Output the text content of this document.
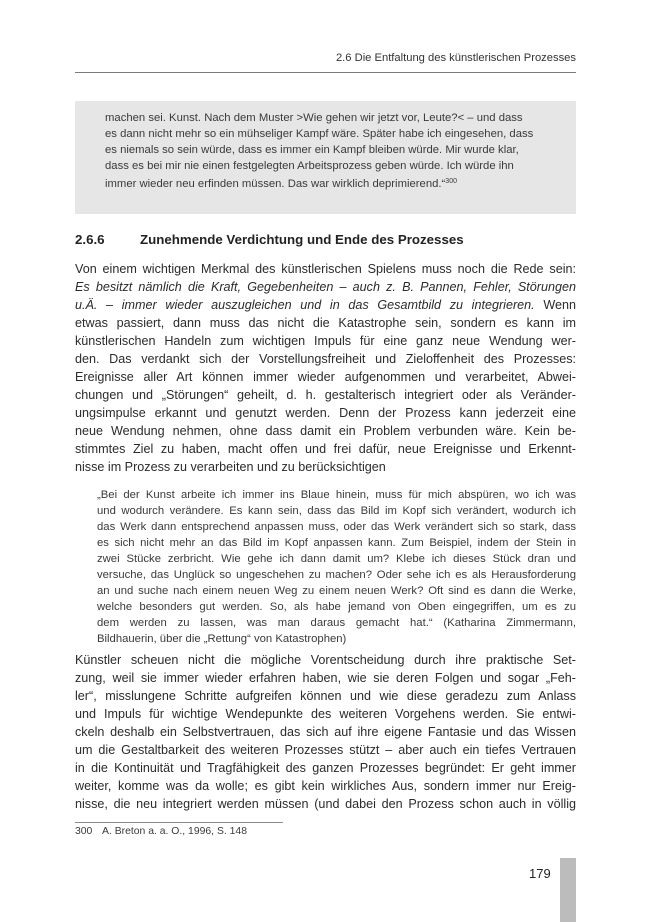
2.6 Die Entfaltung des künstlerischen Prozesses
machen sei. Kunst. Nach dem Muster >Wie gehen wir jetzt vor, Leute?< – und dass
es dann nicht mehr so ein mühseliger Kampf wäre. Später habe ich eingesehen, dass
es niemals so sein würde, dass es immer ein Kampf bleiben würde. Mir wurde klar,
dass es bei mir nie einen festgelegten Arbeitsprozess geben würde. Ich würde ihn
immer wieder neu erfinden müssen. Das war wirklich deprimierend.“$^{300}$
2.6.6	Zunehmende Verdichtung und Ende des Prozesses
Von einem wichtigen Merkmal des künstlerischen Spielens muss noch die Rede sein:
Es besitzt nämlich die Kraft, Gegebenheiten – auch z. B. Pannen, Fehler, Störungen
u.Ä. – immer wieder auszugleichen und in das Gesamtbild zu integrieren. Wenn
etwas passiert, dann muss das nicht die Katastrophe sein, sondern es kann im
künstlerischen Handeln zum wichtigen Impuls für eine ganz neue Wendung wer-
den. Das verdankt sich der Vorstellungsfreiheit und Zieloffenheit des Prozesses:
Ereignisse aller Art können immer wieder aufgenommen und verarbeitet, Abwei-
chungen und „Störungen“ geheilt, d. h. gestalterisch integriert oder als Veränder-
ungsimpulse erkannt und genutzt werden. Denn der Prozess kann jederzeit eine
neue Wendung nehmen, ohne dass damit ein Problem verbunden wäre. Kein be-
stimmtes Ziel zu haben, macht offen und frei dafür, neue Ereignisse und Erkennt-
nisse im Prozess zu verarbeiten und zu berücksichtigen
„Bei der Kunst arbeite ich immer ins Blaue hinein, muss für mich abspüren, wo ich was
und wodurch verändere. Es kann sein, dass das Bild im Kopf sich verändert, wodurch ich
das Werk dann entsprechend anpassen muss, oder das Werk verändert sich so stark, dass
es sich nicht mehr an das Bild im Kopf anpassen kann. Zum Beispiel, indem der Stein in
zwei Stücke zerbricht. Wie gehe ich dann damit um? Klebe ich dieses Stück dran und
versuche, das Unglück so ungeschehen zu machen? Oder sehe ich es als Herausforderung
an und suche nach einem neuen Weg zu einem neuen Werk? Oft sind es dann die Werke,
welche besonders gut werden. So, als habe jemand von Oben eingegriffen, um es zu
dem werden zu lassen, was man daraus gemacht hat.“ (Katharina Zimmermann,
Bildhauerin, über die „Rettung“ von Katastrophen)
Künstler scheuen nicht die mögliche Vorentscheidung durch ihre praktische Set-
zung, weil sie immer wieder erfahren haben, wie sie deren Folgen und sogar „Feh-
ler“, misslungene Schritte aufgreifen können und wie diese geradezu zum Anlass
und Impuls für wichtige Wendepunkte des weiteren Vorgehens werden. Sie entwi-
ckeln deshalb ein Selbstvertrauen, das sich auf ihre eigene Fantasie und das Wissen
um die Gestaltbarkeit des weiteren Prozesses stützt – aber auch ein tiefes Vertrauen
in die Kontinuität und Tragfähigkeit des ganzen Prozesses begründet: Er geht immer
weiter, komme was da wolle; es gibt kein wirkliches Aus, sondern immer nur Ereig-
nisse, die neu integriert werden müssen (und dabei den Prozess schon auch in völlig
300 A. Breton a. a. O., 1996, S. 148
179
